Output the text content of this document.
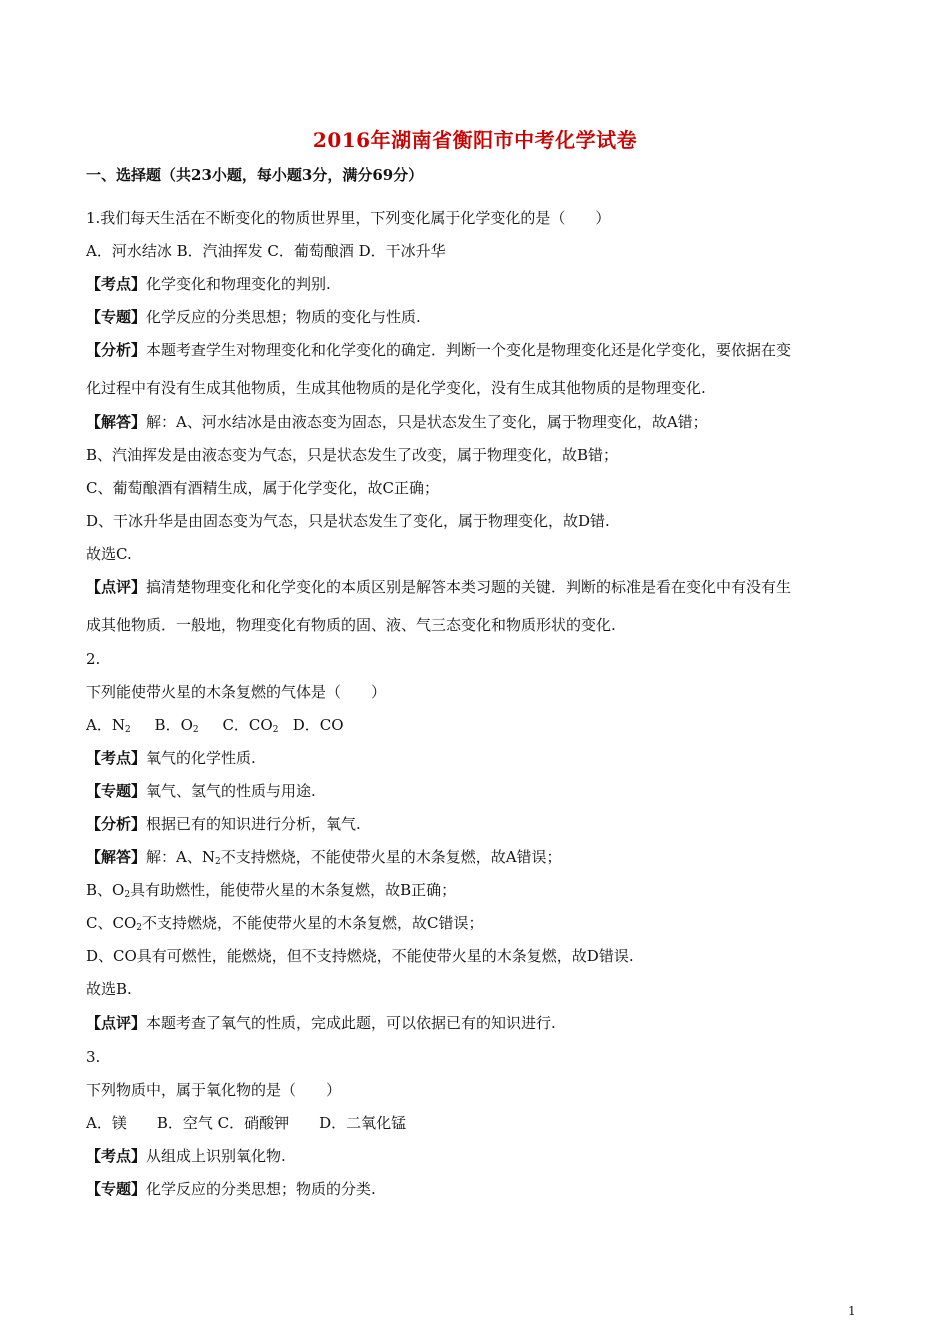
2016年湖南省衡阳市中考化学试卷
一、选择题（共23小题，每小题3分，满分69分）
1.我们每天生活在不断变化的物质世界里，下列变化属于化学变化的是（　　）
A．河水结冰 B．汽油挥发 C．葡萄酿酒 D．干冰升华
【考点】化学变化和物理变化的判别.
【专题】化学反应的分类思想；物质的变化与性质.
【分析】本题考查学生对物理变化和化学变化的确定．判断一个变化是物理变化还是化学变化，要依据在变
化过程中有没有生成其他物质，生成其他物质的是化学变化，没有生成其他物质的是物理变化.
【解答】解：A、河水结冰是由液态变为固态，只是状态发生了变化，属于物理变化，故A错；
B、汽油挥发是由液态变为气态，只是状态发生了改变，属于物理变化，故B错；
C、葡萄酿酒有酒精生成，属于化学变化，故C正确；
D、干冰升华是由固态变为气态，只是状态发生了变化，属于物理变化，故D错.
故选C.
【点评】搞清楚物理变化和化学变化的本质区别是解答本类习题的关键．判断的标准是看在变化中有没有生
成其他物质．一般地，物理变化有物质的固、液、气三态变化和物质形状的变化.
2.
下列能使带火星的木条复燃的气体是（　　）
A．$N_2$ B．$O_2$ C．$CO_2$ D．CO
【考点】氧气的化学性质.
【专题】氧气、氢气的性质与用途.
【分析】根据已有的知识进行分析，氧气.
【解答】解：A、$N_2$不支持燃烧，不能使带火星的木条复燃，故A错误；
B、$O_2$具有助燃性，能使带火星的木条复燃，故B正确；
C、$CO_2$不支持燃烧，不能使带火星的木条复燃，故C错误；
D、CO具有可燃性，能燃烧，但不支持燃烧，不能使带火星的木条复燃，故D错误.
故选B.
【点评】本题考查了氧气的性质，完成此题，可以依据已有的知识进行.
3.
下列物质中，属于氧化物的是（　　）
A．镁　　B．空气 C．硝酸钾　　D．二氧化锰
【考点】从组成上识别氧化物.
【专题】化学反应的分类思想；物质的分类.
1
